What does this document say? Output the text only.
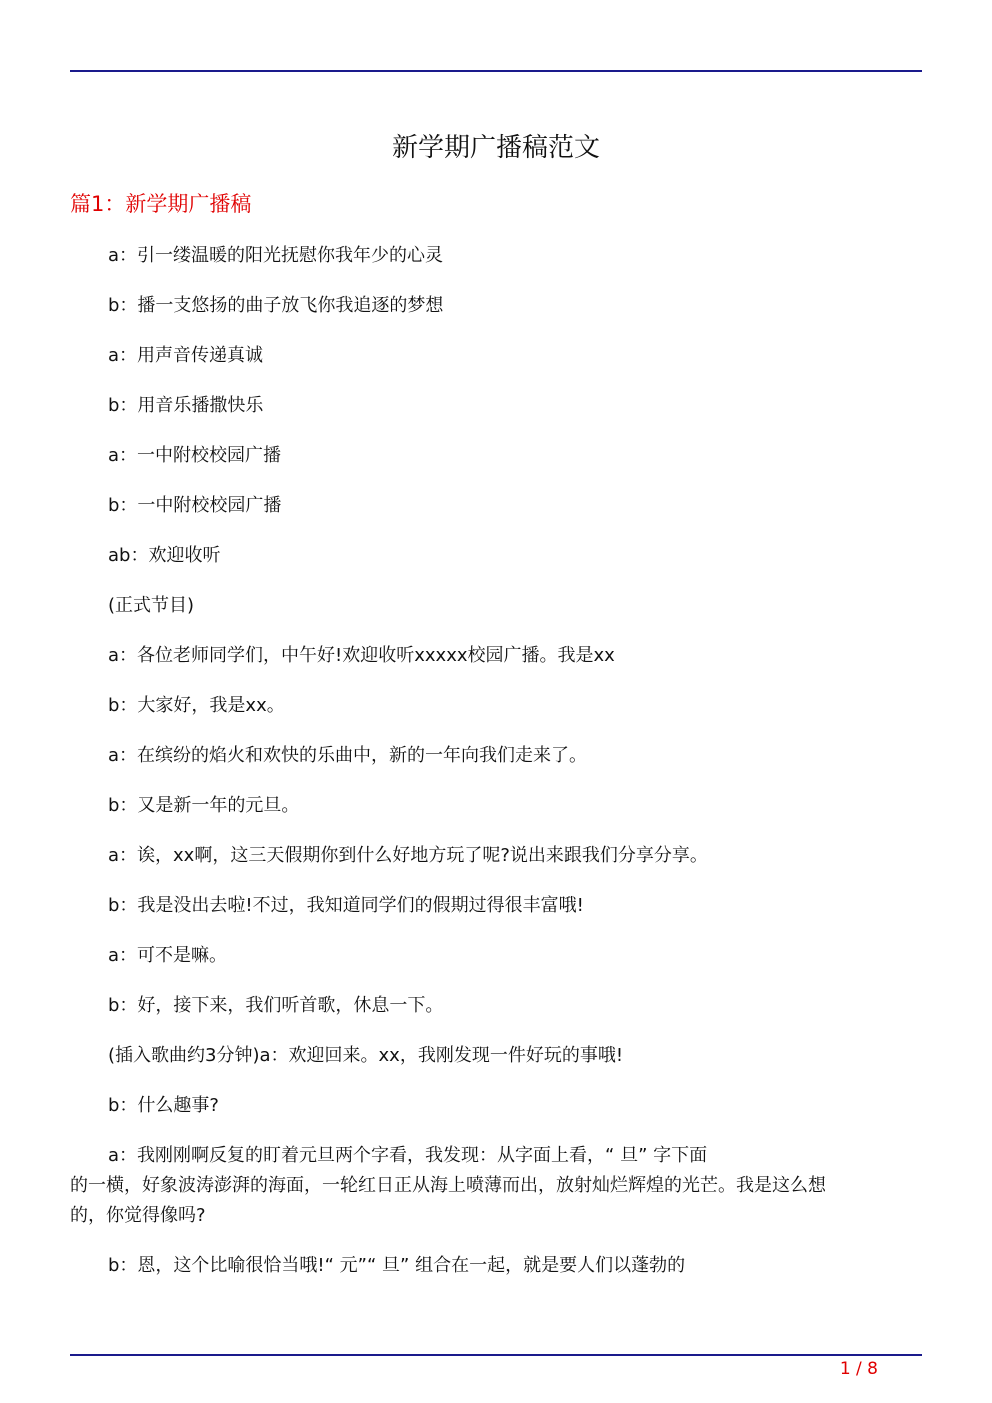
新学期广播稿范文
篇1：新学期广播稿
a：引一缕温暖的阳光抚慰你我年少的心灵
b：播一支悠扬的曲子放飞你我追逐的梦想
a：用声音传递真诚
b：用音乐播撒快乐
a：一中附校校园广播
b：一中附校校园广播
ab：欢迎收听
(正式节目)
a：各位老师同学们，中午好!欢迎收听xxxxx校园广播。我是xx
b：大家好，我是xx。
a：在缤纷的焰火和欢快的乐曲中，新的一年向我们走来了。
b：又是新一年的元旦。
a：诶，xx啊，这三天假期你到什么好地方玩了呢?说出来跟我们分享分享。
b：我是没出去啦!不过，我知道同学们的假期过得很丰富哦!
a：可不是嘛。
b：好，接下来，我们听首歌，休息一下。
(插入歌曲约3分钟)a：欢迎回来。xx，我刚发现一件好玩的事哦!
b：什么趣事?
a：我刚刚啊反复的盯着元旦两个字看，我发现：从字面上看，“ 旦” 字下面
的一横，好象波涛澎湃的海面，一轮红日正从海上喷薄而出，放射灿烂辉煌的光芒。我是这么想
的，你觉得像吗?
b：恩，这个比喻很恰当哦!“ 元”“ 旦” 组合在一起，就是要人们以蓬勃的
1 / 8
